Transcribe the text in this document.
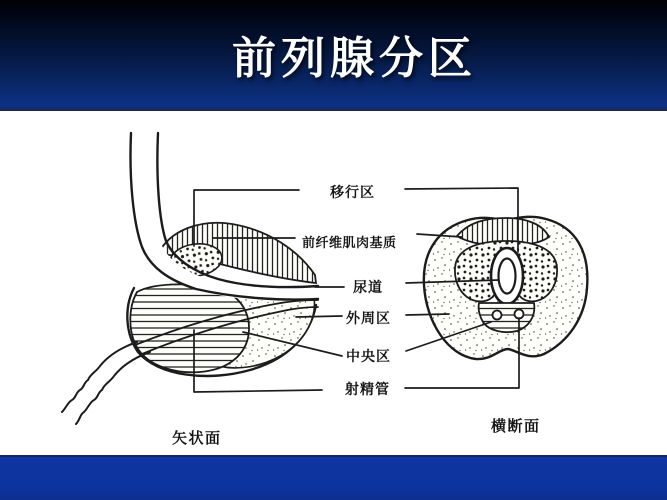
前列腺分区
移行区
前纤维肌肉基质
尿道
外周区
中央区
射精管
矢状面
横断面
